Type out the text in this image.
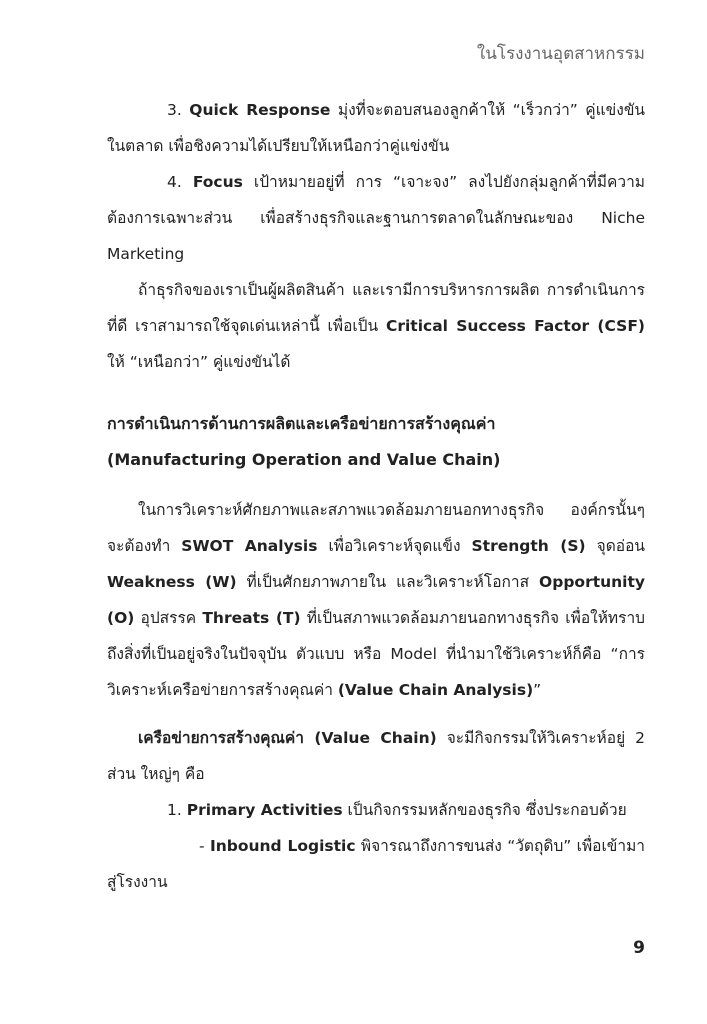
ในโรงงานอุตสาหกรรม

3. Quick Response มุ่งที่จะตอบสนองลูกค้าให้ “เร็วกว่า” คู่แข่งขันในตลาด เพื่อชิงความได้เปรียบให้เหนือกว่าคู่แข่งขัน

4. Focus เป้าหมายอยู่ที่ การ “เจาะจง” ลงไปยังกลุ่มลูกค้าที่มีความต้องการเฉพาะส่วน เพื่อสร้างธุรกิจและฐานการตลาดในลักษณะของ Niche Marketing

ถ้าธุรกิจของเราเป็นผู้ผลิตสินค้า และเรามีการบริหารการผลิต การดำเนินการที่ดี เราสามารถใช้จุดเด่นเหล่านี้ เพื่อเป็น Critical Success Factor (CSF) ให้ “เหนือกว่า” คู่แข่งขันได้

การดำเนินการด้านการผลิตและเครือข่ายการสร้างคุณค่า

(Manufacturing Operation and Value Chain)

ในการวิเคราะห์ศักยภาพและสภาพแวดล้อมภายนอกทางธุรกิจ องค์กรนั้นๆ จะต้องทำ SWOT Analysis เพื่อวิเคราะห์จุดแข็ง Strength (S) จุดอ่อน Weakness (W) ที่เป็นศักยภาพภายใน และวิเคราะห์โอกาส Opportunity (O) อุปสรรค Threats (T) ที่เป็นสภาพแวดล้อมภายนอกทางธุรกิจ เพื่อให้ทราบถึงสิ่งที่เป็นอยู่จริงในปัจจุบัน ตัวแบบ หรือ Model ที่นำมาใช้วิเคราะห์ก็คือ “การวิเคราะห์เครือข่ายการสร้างคุณค่า (Value Chain Analysis)”

เครือข่ายการสร้างคุณค่า (Value Chain) จะมีกิจกรรมให้วิเคราะห์อยู่ 2 ส่วน ใหญ่ๆ คือ

1. Primary Activities เป็นกิจกรรมหลักของธุรกิจ ซึ่งประกอบด้วย

- Inbound Logistic พิจารณาถึงการขนส่ง “วัตถุดิบ” เพื่อเข้ามาสู่โรงงาน

9
